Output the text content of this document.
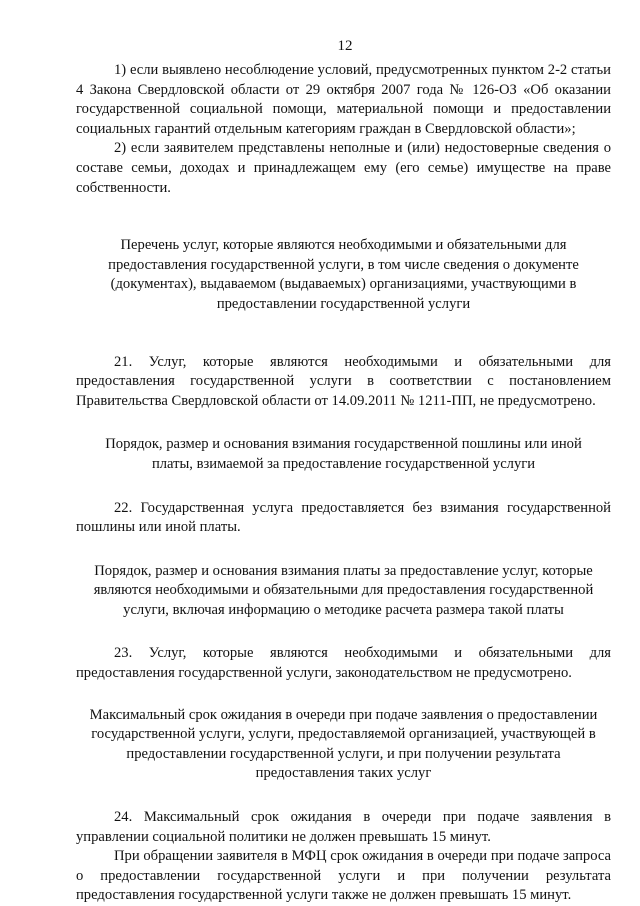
12

1) если выявлено несоблюдение условий, предусмотренных пунктом 2-2 статьи 4 Закона Свердловской области от 29 октября 2007 года № 126-ОЗ «Об оказании государственной социальной помощи, материальной помощи и предоставлении социальных гарантий отдельным категориям граждан в Свердловской области»;

2) если заявителем представлены неполные и (или) недостоверные сведения о составе семьи, доходах и принадлежащем ему (его семье) имуществе на праве собственности.

Перечень услуг, которые являются необходимыми и обязательными для предоставления государственной услуги, в том числе сведения о документе (документах), выдаваемом (выдаваемых) организациями, участвующими в предоставлении государственной услуги

21. Услуг, которые являются необходимыми и обязательными для предоставления государственной услуги в соответствии с постановлением Правительства Свердловской области от 14.09.2011 № 1211-ПП, не предусмотрено.

Порядок, размер и основания взимания государственной пошлины или иной платы, взимаемой за предоставление государственной услуги

22. Государственная услуга предоставляется без взимания государственной пошлины или иной платы.

Порядок, размер и основания взимания платы за предоставление услуг, которые являются необходимыми и обязательными для предоставления государственной услуги, включая информацию о методике расчета размера такой платы

23. Услуг, которые являются необходимыми и обязательными для предоставления государственной услуги, законодательством не предусмотрено.

Максимальный срок ожидания в очереди при подаче заявления о предоставлении государственной услуги, услуги, предоставляемой организацией, участвующей в предоставлении государственной услуги, и при получении результата предоставления таких услуг

24. Максимальный срок ожидания в очереди при подаче заявления в управлении социальной политики не должен превышать 15 минут.

При обращении заявителя в МФЦ срок ожидания в очереди при подаче запроса о предоставлении государственной услуги и при получении результата предоставления государственной услуги также не должен превышать 15 минут.
